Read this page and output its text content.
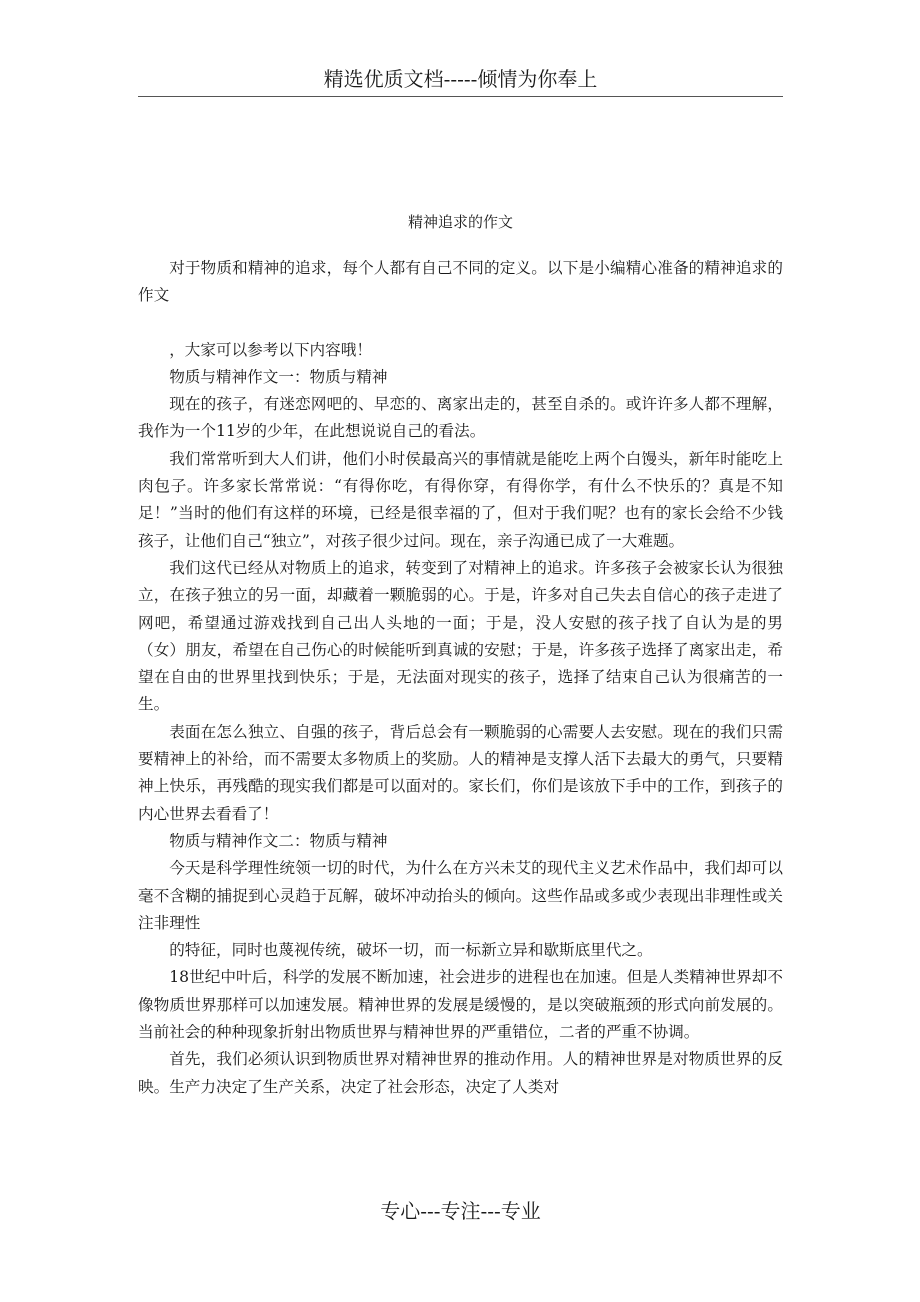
精选优质文档-----倾情为你奉上
精神追求的作文

对于物质和精神的追求，每个人都有自己不同的定义。以下是小编精心准备的精神追求的作文

，大家可以参考以下内容哦！

物质与精神作文一：物质与精神

现在的孩子，有迷恋网吧的、早恋的、离家出走的，甚至自杀的。或许许多人都不理解，我作为一个11岁的少年，在此想说说自己的看法。

我们常常听到大人们讲，他们小时侯最高兴的事情就是能吃上两个白馒头，新年时能吃上肉包子。许多家长常常说：“有得你吃，有得你穿，有得你学，有什么不快乐的？真是不知足！”当时的他们有这样的环境，已经是很幸福的了，但对于我们呢？也有的家长会给不少钱孩子，让他们自己“独立”，对孩子很少过问。现在，亲子沟通已成了一大难题。

我们这代已经从对物质上的追求，转变到了对精神上的追求。许多孩子会被家长认为很独立，在孩子独立的另一面，却藏着一颗脆弱的心。于是，许多对自己失去自信心的孩子走进了网吧，希望通过游戏找到自己出人头地的一面；于是，没人安慰的孩子找了自认为是的男（女）朋友，希望在自己伤心的时候能听到真诚的安慰；于是，许多孩子选择了离家出走，希望在自由的世界里找到快乐；于是，无法面对现实的孩子，选择了结束自己认为很痛苦的一生。

表面在怎么独立、自强的孩子，背后总会有一颗脆弱的心需要人去安慰。现在的我们只需要精神上的补给，而不需要太多物质上的奖励。人的精神是支撑人活下去最大的勇气，只要精神上快乐，再残酷的现实我们都是可以面对的。家长们，你们是该放下手中的工作，到孩子的内心世界去看看了！

物质与精神作文二：物质与精神

今天是科学理性统领一切的时代，为什么在方兴未艾的现代主义艺术作品中，我们却可以毫不含糊的捕捉到心灵趋于瓦解，破坏冲动抬头的倾向。这些作品或多或少表现出非理性或关注非理性

的特征，同时也蔑视传统，破坏一切，而一标新立异和歇斯底里代之。

18世纪中叶后，科学的发展不断加速，社会进步的进程也在加速。但是人类精神世界却不像物质世界那样可以加速发展。精神世界的发展是缓慢的，是以突破瓶颈的形式向前发展的。当前社会的种种现象折射出物质世界与精神世界的严重错位，二者的严重不协调。

首先，我们必须认识到物质世界对精神世界的推动作用。人的精神世界是对物质世界的反映。生产力决定了生产关系，决定了社会形态，决定了人类对

专心---专注---专业
